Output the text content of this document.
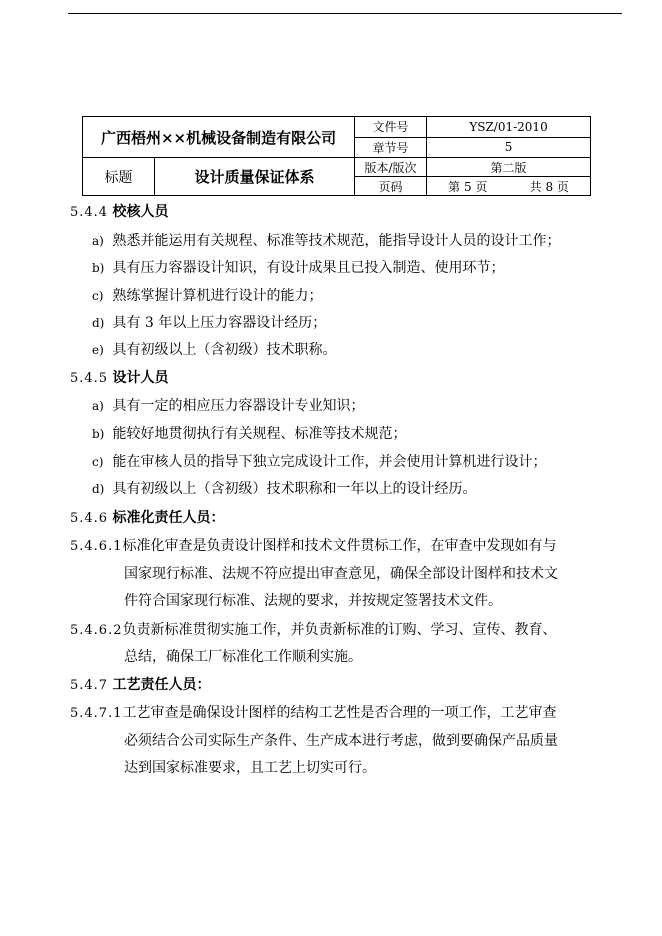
广西梧州××机械设备制造有限公司		文件号	YSZ/01-2010
		章节号	5
标题	设计质量保证体系	版本/版次	第二版
		页码	第 5 页 共 8 页
5.4.4 校核人员
a) 熟悉并能运用有关规程、标准等技术规范，能指导设计人员的设计工作；
b) 具有压力容器设计知识，有设计成果且已投入制造、使用环节；
c) 熟练掌握计算机进行设计的能力；
d) 具有 3 年以上压力容器设计经历；
e) 具有初级以上（含初级）技术职称。
5.4.5 设计人员
a) 具有一定的相应压力容器设计专业知识；
b) 能较好地贯彻执行有关规程、标准等技术规范；
c) 能在审核人员的指导下独立完成设计工作，并会使用计算机进行设计；
d) 具有初级以上（含初级）技术职称和一年以上的设计经历。
5.4.6 标准化责任人员：
5.4.6.1标准化审查是负责设计图样和技术文件贯标工作，在审查中发现如有与
国家现行标准、法规不符应提出审查意见，确保全部设计图样和技术文
件符合国家现行标准、法规的要求，并按规定签署技术文件。
5.4.6.2负责新标准贯彻实施工作，并负责新标准的订购、学习、宣传、教育、
总结，确保工厂标准化工作顺利实施。
5.4.7 工艺责任人员：
5.4.7.1工艺审查是确保设计图样的结构工艺性是否合理的一项工作，工艺审查
必须结合公司实际生产条件、生产成本进行考虑，做到要确保产品质量
达到国家标准要求，且工艺上切实可行。
